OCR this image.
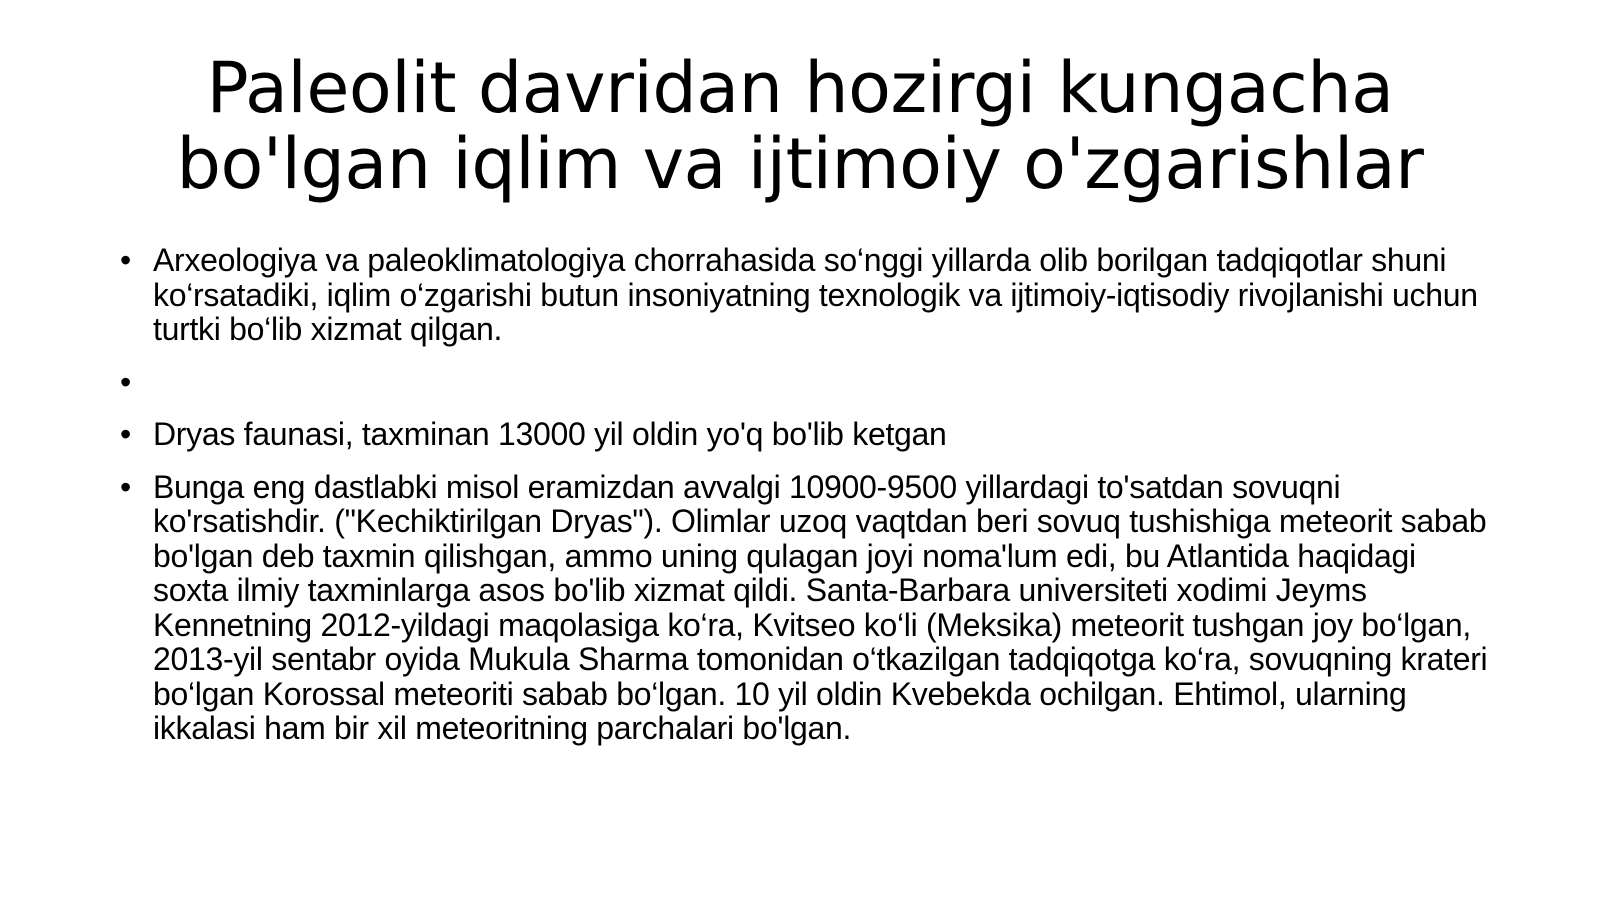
Paleolit davridan hozirgi kungacha bo'lgan iqlim va ijtimoiy o'zgarishlar
• Arxeologiya va paleoklimatologiya chorrahasida so‘nggi yillarda olib borilgan tadqiqotlar shuni ko‘rsatadiki, iqlim o‘zgarishi butun insoniyatning texnologik va ijtimoiy-iqtisodiy rivojlanishi uchun turtki bo‘lib xizmat qilgan.
•
• Dryas faunasi, taxminan 13000 yil oldin yo'q bo'lib ketgan
• Bunga eng dastlabki misol eramizdan avvalgi 10900-9500 yillardagi to'satdan sovuqni ko'rsatishdir. ("Kechiktirilgan Dryas"). Olimlar uzoq vaqtdan beri sovuq tushishiga meteorit sabab bo'lgan deb taxmin qilishgan, ammo uning qulagan joyi noma'lum edi, bu Atlantida haqidagi soxta ilmiy taxminlarga asos bo'lib xizmat qildi. Santa-Barbara universiteti xodimi Jeyms Kennetning 2012-yildagi maqolasiga ko‘ra, Kvitseo ko‘li (Meksika) meteorit tushgan joy bo‘lgan, 2013-yil sentabr oyida Mukula Sharma tomonidan o‘tkazilgan tadqiqotga ko‘ra, sovuqning krateri bo‘lgan Korossal meteoriti sabab bo‘lgan. 10 yil oldin Kvebekda ochilgan. Ehtimol, ularning ikkalasi ham bir xil meteoritning parchalari bo'lgan.
